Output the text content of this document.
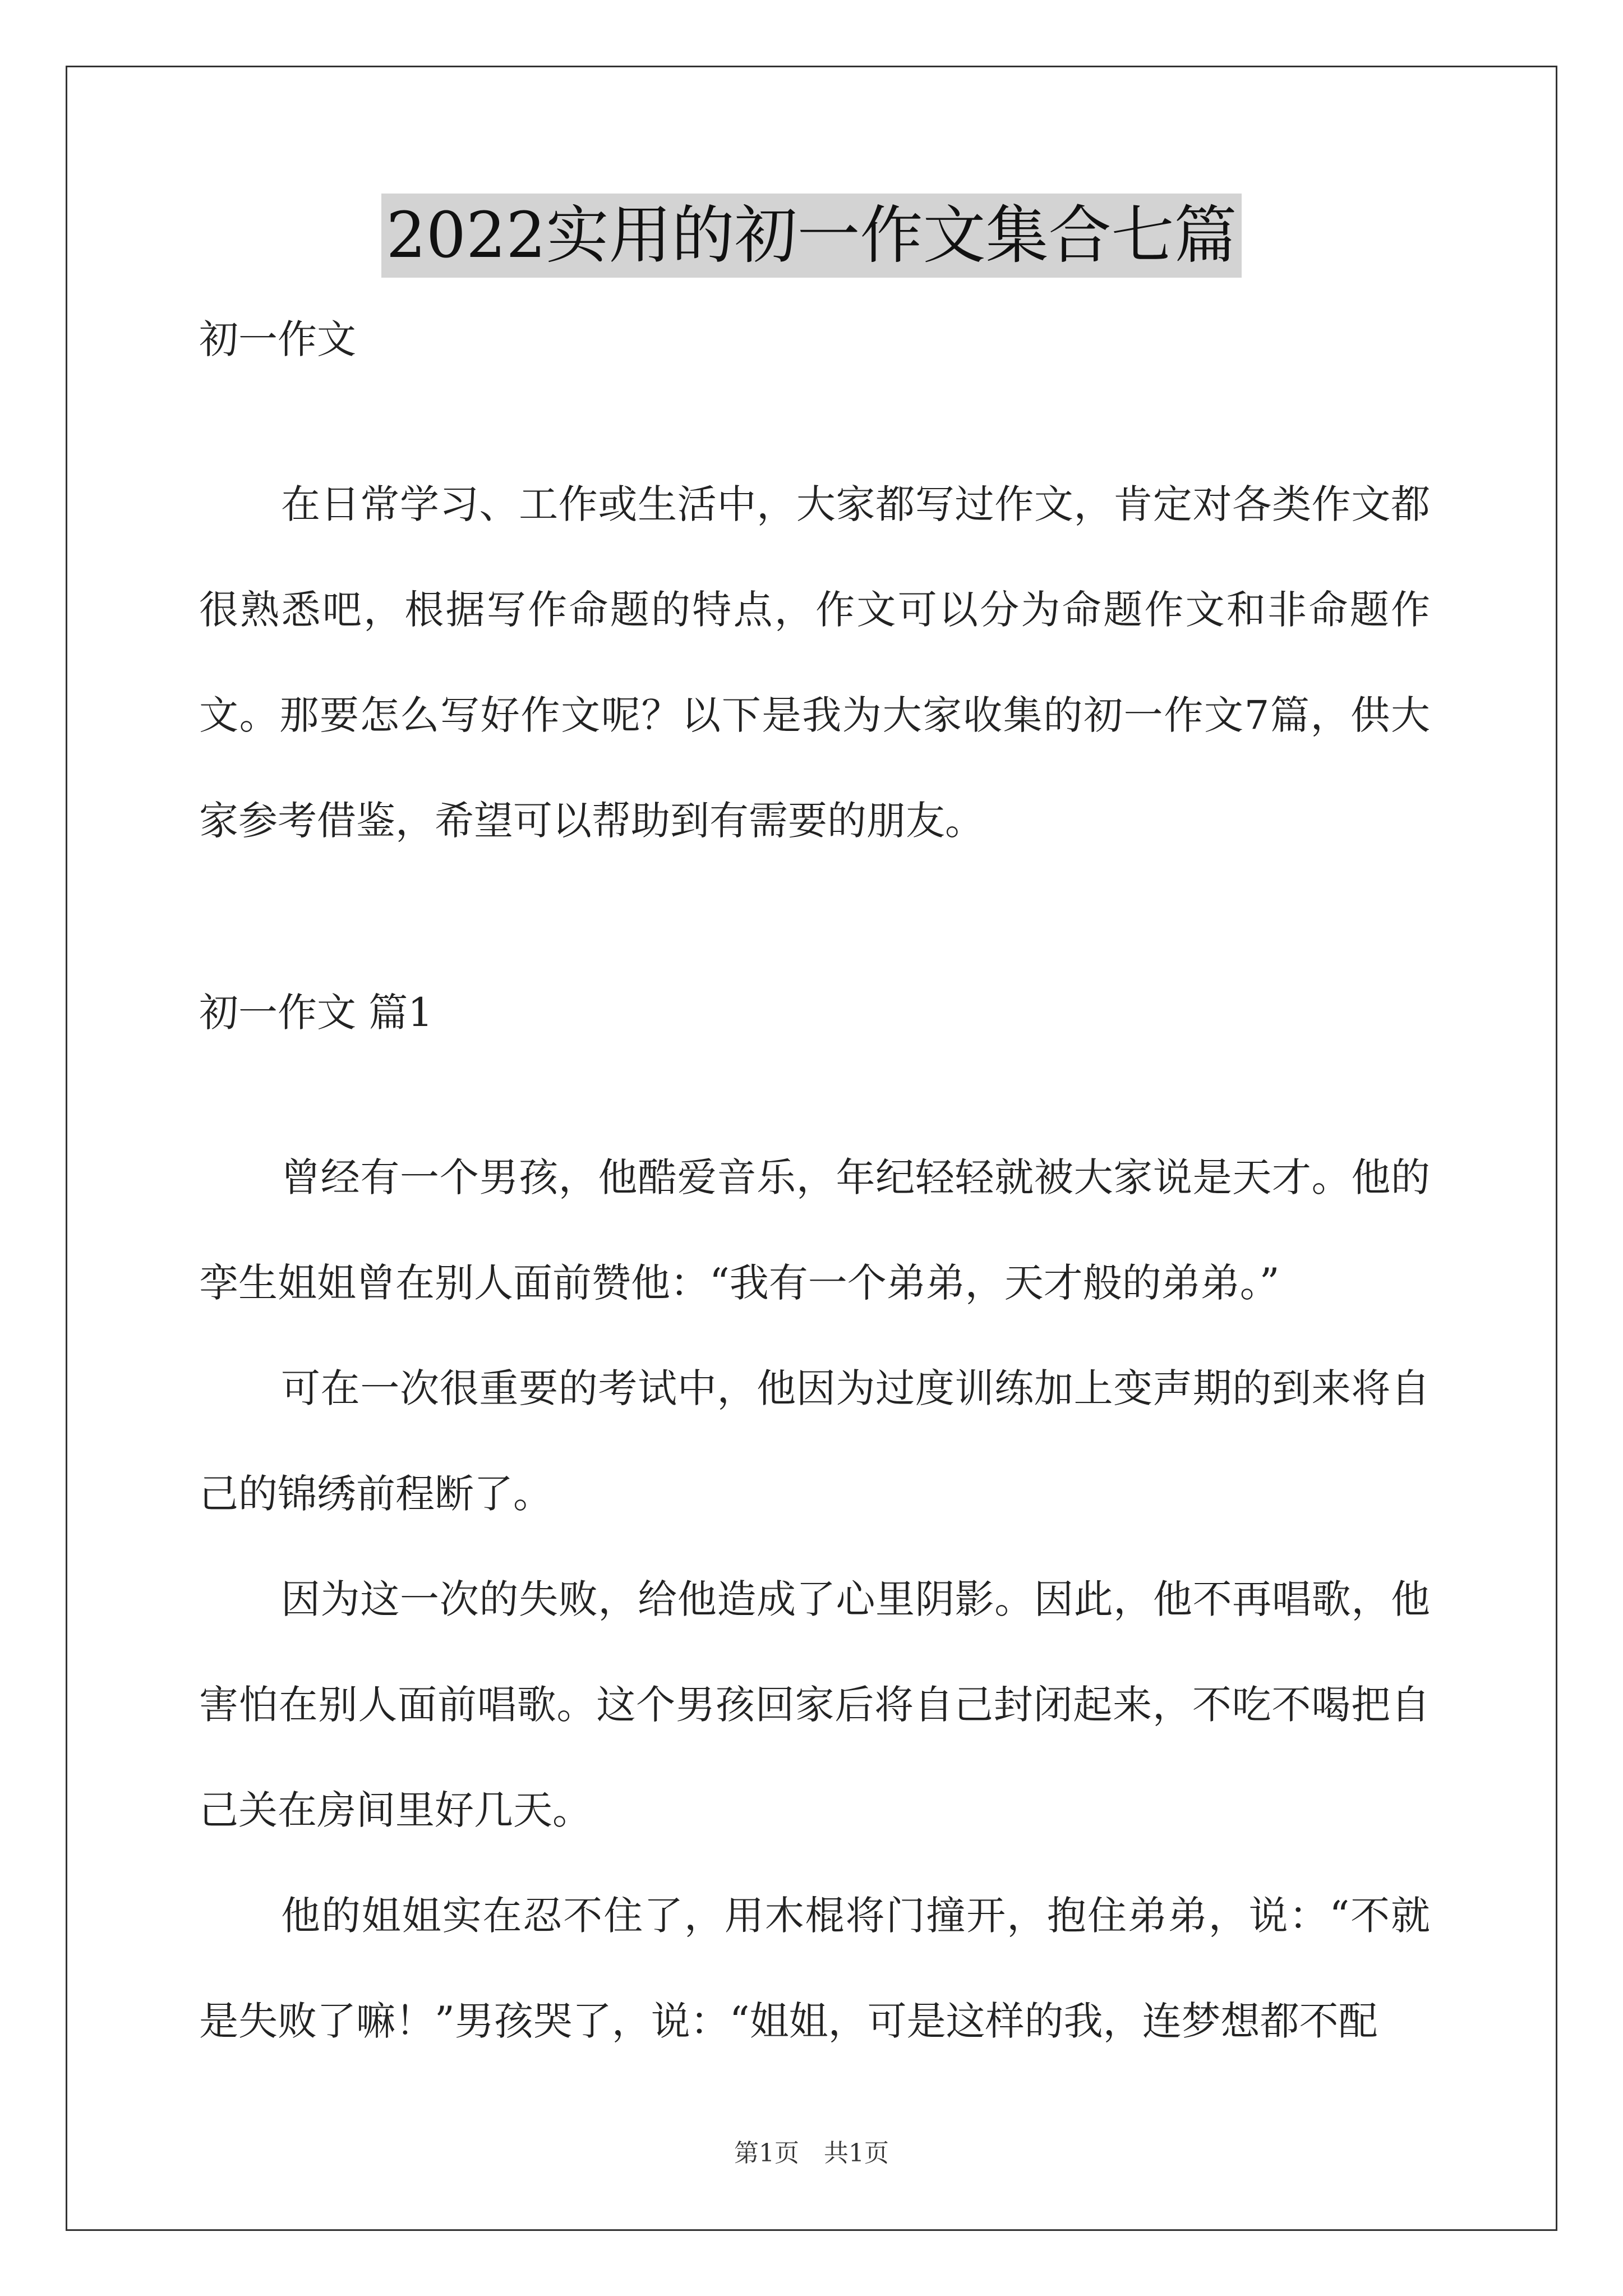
2022实用的初一作文集合七篇

初一作文

在日常学习、工作或生活中，大家都写过作文，肯定对各类作文都很熟悉吧，根据写作命题的特点，作文可以分为命题作文和非命题作文。那要怎么写好作文呢？以下是我为大家收集的初一作文7篇，供大家参考借鉴，希望可以帮助到有需要的朋友。

初一作文 篇1

曾经有一个男孩，他酷爱音乐，年纪轻轻就被大家说是天才。他的孪生姐姐曾在别人面前赞他：“我有一个弟弟，天才般的弟弟。”

可在一次很重要的考试中，他因为过度训练加上变声期的到来将自己的锦绣前程断了。

因为这一次的失败，给他造成了心里阴影。因此，他不再唱歌，他害怕在别人面前唱歌。这个男孩回家后将自己封闭起来，不吃不喝把自己关在房间里好几天。

他的姐姐实在忍不住了，用木棍将门撞开，抱住弟弟，说：“不就是失败了嘛！”男孩哭了，说：“姐姐，可是这样的我，连梦想都不配

第1页　共1页
